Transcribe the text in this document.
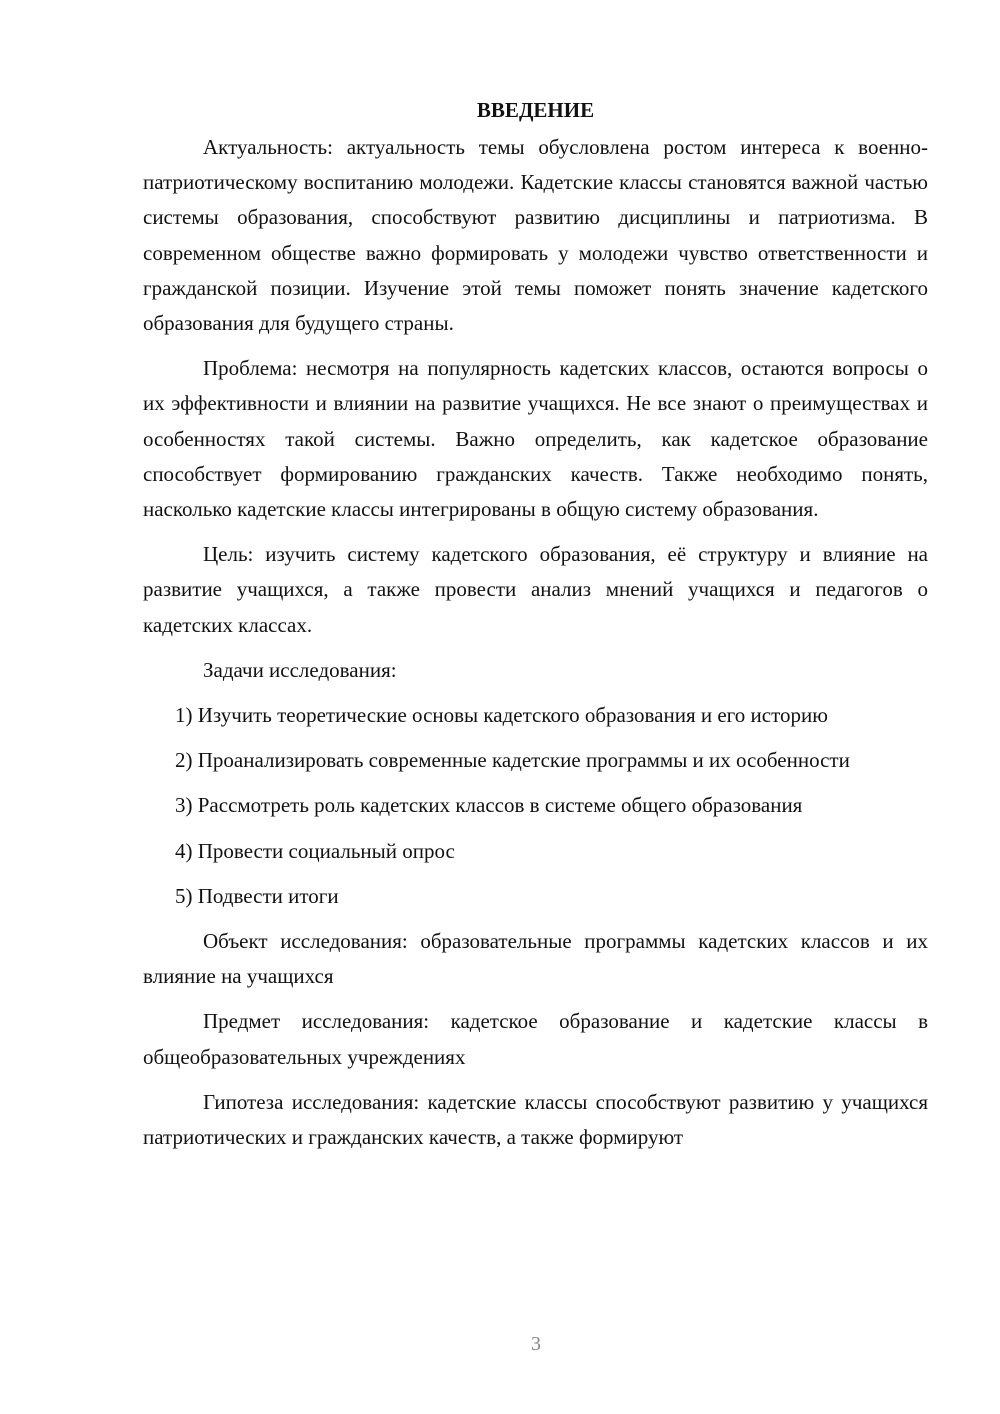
ВВЕДЕНИЕ

Актуальность: актуальность темы обусловлена ростом интереса к военно-патриотическому воспитанию молодежи. Кадетские классы становятся важной частью системы образования, способствуют развитию дисциплины и патриотизма. В современном обществе важно формировать у молодежи чувство ответственности и гражданской позиции. Изучение этой темы поможет понять значение кадетского образования для будущего страны.

Проблема: несмотря на популярность кадетских классов, остаются вопросы о их эффективности и влиянии на развитие учащихся. Не все знают о преимуществах и особенностях такой системы. Важно определить, как кадетское образование способствует формированию гражданских качеств. Также необходимо понять, насколько кадетские классы интегрированы в общую систему образования.

Цель: изучить систему кадетского образования, её структуру и влияние на развитие учащихся, а также провести анализ мнений учащихся и педагогов о кадетских классах.

Задачи исследования:

1) Изучить теоретические основы кадетского образования и его историю

2) Проанализировать современные кадетские программы и их особенности

3) Рассмотреть роль кадетских классов в системе общего образования

4) Провести социальный опрос

5) Подвести итоги

Объект исследования: образовательные программы кадетских классов и их влияние на учащихся

Предмет исследования: кадетское образование и кадетские классы в общеобразовательных учреждениях

Гипотеза исследования: кадетские классы способствуют развитию у учащихся патриотических и гражданских качеств, а также формируют

3
